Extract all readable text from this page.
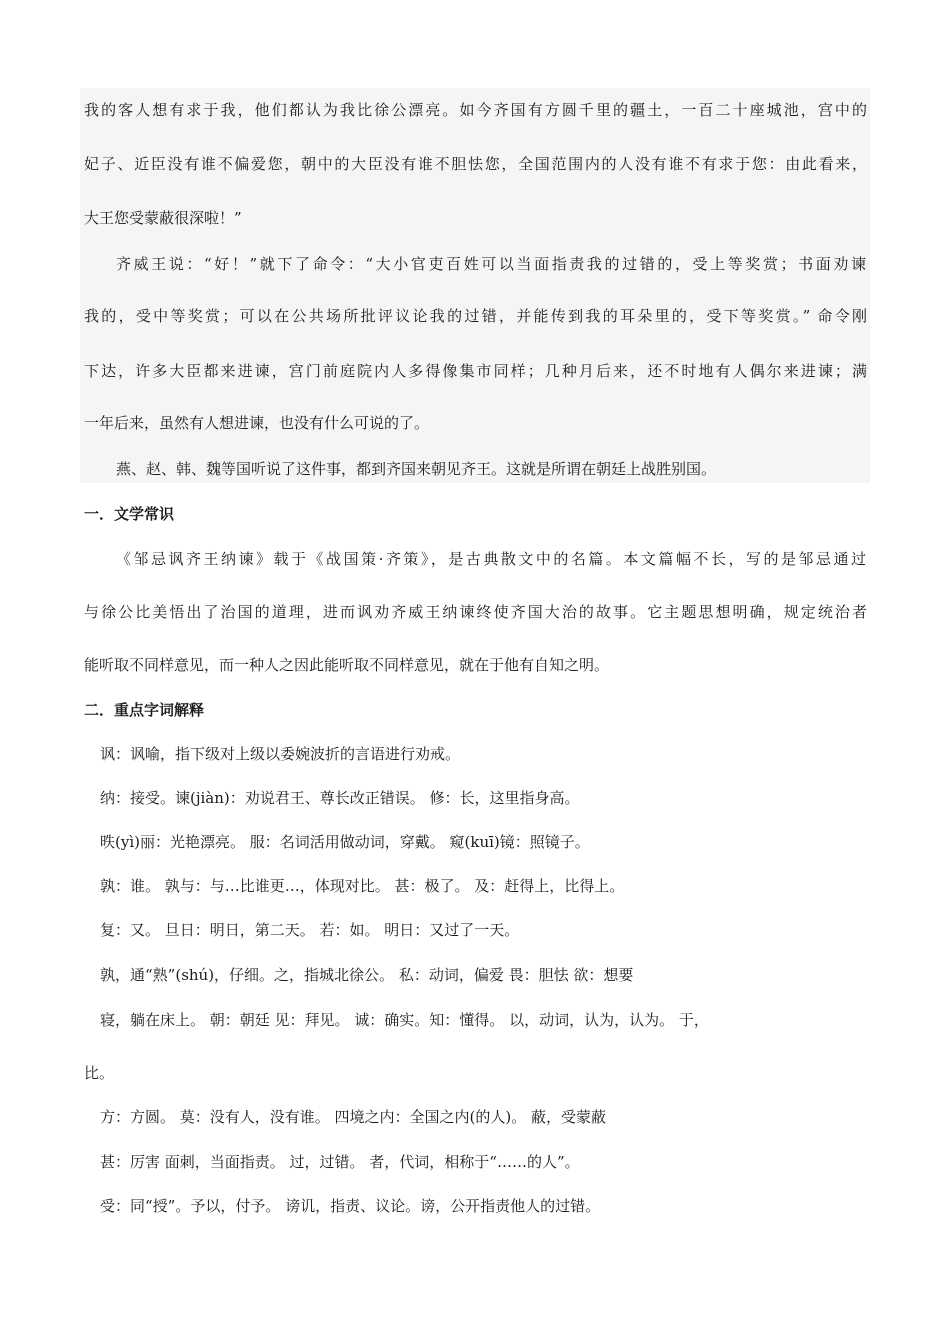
我的客人想有求于我，他们都认为我比徐公漂亮。如今齐国有方圆千里的疆土，一百二十座城池，宫中的
妃子、近臣没有谁不偏爱您，朝中的大臣没有谁不胆怯您，全国范围内的人没有谁不有求于您：由此看来，
大王您受蒙蔽很深啦！”
齐威王说：“好！”就下了命令：“大小官吏百姓可以当面指责我的过错的，受上等奖赏；书面劝谏
我的，受中等奖赏；可以在公共场所批评议论我的过错，并能传到我的耳朵里的，受下等奖赏。” 命令刚
下达，许多大臣都来进谏，宫门前庭院内人多得像集市同样；几种月后来，还不时地有人偶尔来进谏；满
一年后来，虽然有人想进谏，也没有什么可说的了。
燕、赵、韩、魏等国听说了这件事，都到齐国来朝见齐王。这就是所谓在朝廷上战胜别国。
一．文学常识
《邹忌讽齐王纳谏》载于《战国策·齐策》，是古典散文中的名篇。本文篇幅不长，写的是邹忌通过
与徐公比美悟出了治国的道理，进而讽劝齐威王纳谏终使齐国大治的故事。它主题思想明确，规定统治者
能听取不同样意见，而一种人之因此能听取不同样意见，就在于他有自知之明。
二．重点字词解释
讽：讽喻，指下级对上级以委婉波折的言语进行劝戒。
纳：接受。谏(jiàn)：劝说君王、尊长改正错误。 修：长，这里指身高。
昳(yì)丽：光艳漂亮。 服：名词活用做动词，穿戴。 窥(kuī)镜：照镜子。
孰：谁。 孰与：与…比谁更…，体现对比。 甚：极了。 及：赶得上，比得上。
复：又。 旦日：明日，第二天。 若：如。 明日：又过了一天。
孰，通“熟”(shú)，仔细。之，指城北徐公。 私：动词，偏爱 畏：胆怯 欲：想要
寝，躺在床上。 朝：朝廷 见：拜见。 诚：确实。知：懂得。 以，动词，认为，认为。 于，
比。
方：方圆。 莫：没有人，没有谁。 四境之内：全国之内(的人)。 蔽，受蒙蔽
甚：厉害 面刺，当面指责。 过，过错。 者，代词，相称于“……的人”。
受：同“授”。予以，付予。 谤讥，指责、议论。谤，公开指责他人的过错。
